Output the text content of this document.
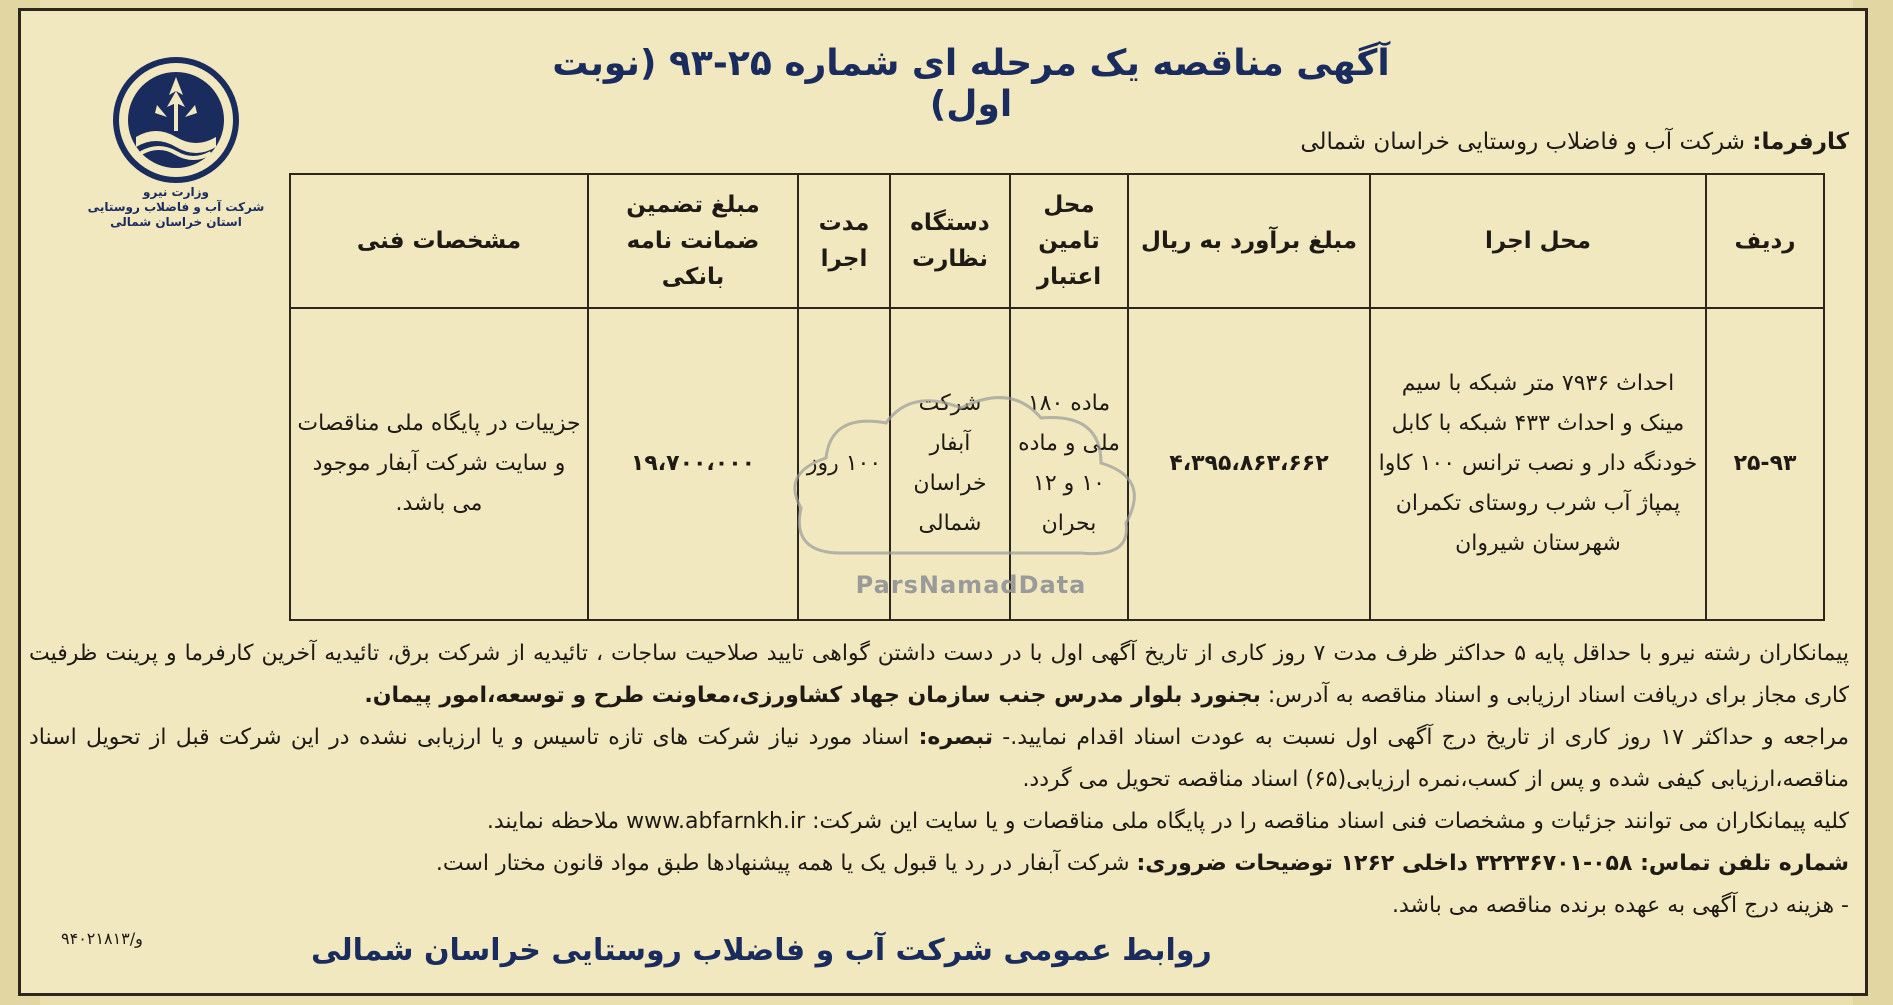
آگهی مناقصه یک مرحله ای شماره ۲۵-۹۳ (نوبت اول)
کارفرما: شرکت آب و فاضلاب روستایی خراسان شمالی
وزارت نیرو
شرکت آب و فاضلاب روستایی
استان خراسان شمالی
ردیف	محل اجرا	مبلغ برآورد به ریال	محل تامین اعتبار	دستگاه نظارت	مدت اجرا	مبلغ تضمین ضمانت نامه بانکی	مشخصات فنی
۲۵-۹۳	احداث ۷۹۳۶ متر شبکه با سیم مینک و احداث ۴۳۳ شبکه با کابل خودنگه دار و نصب ترانس ۱۰۰ کاوا پمپاژ آب شرب روستای تکمران شهرستان شیروان	۴،۳۹۵،۸۶۳،۶۶۲	ماده ۱۸۰ ملی و ماده ۱۰ و ۱۲ بحران	شرکت آبفار خراسان شمالی	۱۰۰ روز	۱۹،۷۰۰،۰۰۰	جزییات در پایگاه ملی مناقصات و سایت شرکت آبفار موجود می باشد.
ParsNamadData

پیمانکاران رشته نیرو با حداقل پایه ۵ حداکثر ظرف مدت ۷ روز کاری از تاریخ آگهی اول با در دست داشتن گواهی تایید صلاحیت ساجات ، تائیدیه از شرکت برق، تائیدیه آخرین کارفرما و پرینت ظرفیت کاری مجاز برای دریافت اسناد ارزیابی و اسناد مناقصه به آدرس: بجنورد بلوار مدرس جنب سازمان جهاد کشاورزی،معاونت طرح و توسعه،امور پیمان.

مراجعه و حداکثر ۱۷ روز کاری از تاریخ درج آگهی اول نسبت به عودت اسناد اقدام نمایید.- تبصره: اسناد مورد نیاز شرکت های تازه تاسیس و یا ارزیابی نشده در این شرکت قبل از تحویل اسناد مناقصه،ارزیابی کیفی شده و پس از کسب،نمره ارزیابی(۶۵) اسناد مناقصه تحویل می گردد.

کلیه پیمانکاران می توانند جزئیات و مشخصات فنی اسناد مناقصه را در پایگاه ملی مناقصات و یا سایت این شرکت: www.abfarnkh.ir ملاحظه نمایند.

شماره تلفن تماس: ۰۵۸-۳۲۲۳۶۷۰۱ داخلی ۱۲۶۲ توضیحات ضروری: شرکت آبفار در رد یا قبول یک یا همه پیشنهادها طبق مواد قانون مختار است.

- هزینه درج آگهی به عهده برنده مناقصه می باشد.

روابط عمومی شرکت آب و فاضلاب روستایی خراسان شمالی
۹۴۰۲۱۸۱۳/و
